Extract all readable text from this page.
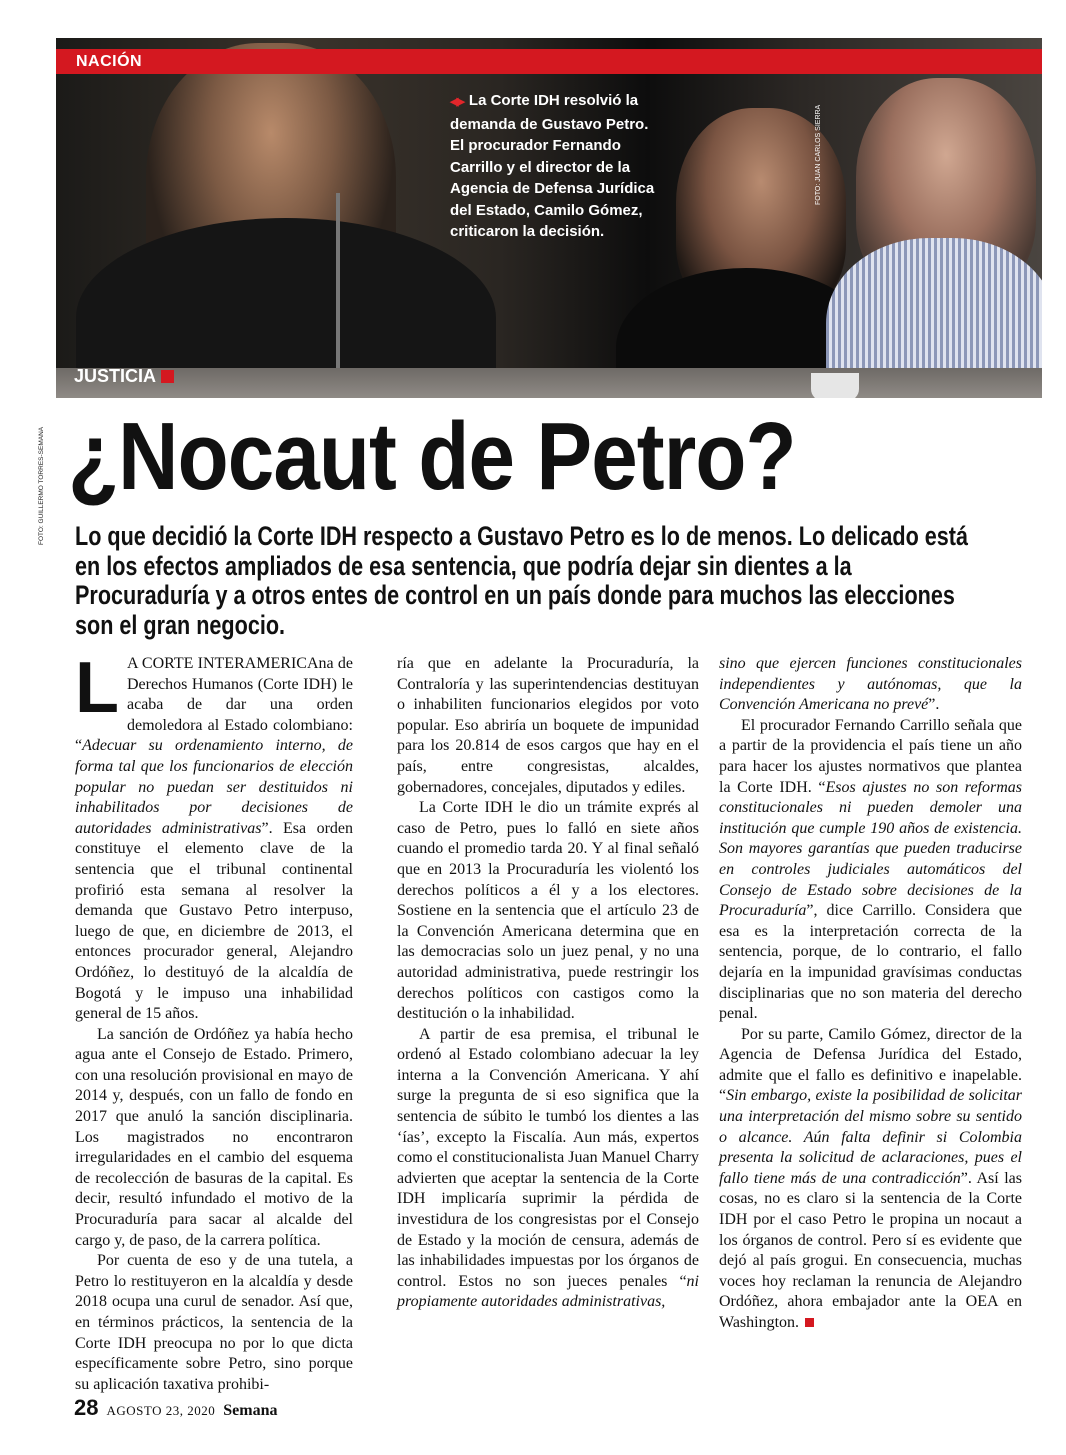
NACIÓN
◀▶ La Corte IDH resolvió la demanda de Gustavo Petro. El procurador Fernando Carrillo y el director de la Agencia de Defensa Jurídica del Estado, Camilo Gómez, criticaron la decisión.
FOTO: JUAN CARLOS SIERRA	FOTO: ESTEBAN VEGA LA-ROTTA
FOTO: GUILLERMO TORRES-SEMANA
JUSTICIA
¿Nocaut de Petro?
Lo que decidió la Corte IDH respecto a Gustavo Petro es lo de menos. Lo delicado está en los efectos ampliados de esa sentencia, que podría dejar sin dientes a la Procuraduría y a otros entes de control en un país donde para muchos las elecciones son el gran negocio.

L A CORTE INTERAMERICAna de Derechos Humanos (Corte IDH) le acaba de dar una orden demoledora al Estado colombiano: “Adecuar su ordenamiento interno, de forma tal que los funcionarios de elección popular no puedan ser destituidos ni inhabilitados por decisiones de autoridades administrativas”. Esa orden constituye el elemento clave de la sentencia que el tribunal continental profirió esta semana al resolver la demanda que Gustavo Petro interpuso, luego de que, en diciembre de 2013, el entonces procurador general, Alejandro Ordóñez, lo destituyó de la alcaldía de Bogotá y le impuso una inhabilidad general de 15 años.

La sanción de Ordóñez ya había hecho agua ante el Consejo de Estado. Primero, con una resolución provisional en mayo de 2014 y, después, con un fallo de fondo en 2017 que anuló la sanción disciplinaria. Los magistrados no encontraron irregularidades en el cambio del esquema de recolección de basuras de la capital. Es decir, resultó infundado el motivo de la Procuraduría para sacar al alcalde del cargo y, de paso, de la carrera política.

Por cuenta de eso y de una tutela, a Petro lo restituyeron en la alcaldía y desde 2018 ocupa una curul de senador. Así que, en términos prácticos, la sentencia de la Corte IDH preocupa no por lo que dicta específicamente sobre Petro, sino porque su aplicación taxativa prohibi-

ría que en adelante la Procuraduría, la Contraloría y las superintendencias destituyan o inhabiliten funcionarios elegidos por voto popular. Eso abriría un boquete de impunidad para los 20.814 de esos cargos que hay en el país, entre congresistas, alcaldes, gobernadores, concejales, diputados y ediles.

La Corte IDH le dio un trámite exprés al caso de Petro, pues lo falló en siete años cuando el promedio tarda 20. Y al final señaló que en 2013 la Procuraduría les violentó los derechos políticos a él y a los electores. Sostiene en la sentencia que el artículo 23 de la Convención Americana determina que en las democracias solo un juez penal, y no una autoridad administrativa, puede restringir los derechos políticos con castigos como la destitución o la inhabilidad.

A partir de esa premisa, el tribunal le ordenó al Estado colombiano adecuar la ley interna a la Convención Americana. Y ahí surge la pregunta de si eso significa que la sentencia de súbito le tumbó los dientes a las ‘ías’, excepto la Fiscalía. Aun más, expertos como el constitucionalista Juan Manuel Charry advierten que aceptar la sentencia de la Corte IDH implicaría suprimir la pérdida de investidura de los congresistas por el Consejo de Estado y la moción de censura, además de las inhabilidades impuestas por los órganos de control. Estos no son jueces penales “ni propiamente autoridades administrativas,

sino que ejercen funciones constitucionales independientes y autónomas, que la Convención Americana no prevé”.

El procurador Fernando Carrillo señala que a partir de la providencia el país tiene un año para hacer los ajustes normativos que plantea la Corte IDH. “Esos ajustes no son reformas constitucionales ni pueden demoler una institución que cumple 190 años de existencia. Son mayores garantías que pueden traducirse en controles judiciales automáticos del Consejo de Estado sobre decisiones de la Procuraduría”, dice Carrillo. Considera que esa es la interpretación correcta de la sentencia, porque, de lo contrario, el fallo dejaría en la impunidad gravísimas conductas disciplinarias que no son materia del derecho penal.

Por su parte, Camilo Gómez, director de la Agencia de Defensa Jurídica del Estado, admite que el fallo es definitivo e inapelable. “Sin embargo, existe la posibilidad de solicitar una interpretación del mismo sobre su sentido o alcance. Aún falta definir si Colombia presenta la solicitud de aclaraciones, pues el fallo tiene más de una contradicción”. Así las cosas, no es claro si la sentencia de la Corte IDH por el caso Petro le propina un nocaut a los órganos de control. Pero sí es evidente que dejó al país grogui. En consecuencia, muchas voces hoy reclaman la renuncia de Alejandro Ordóñez, ahora embajador ante la OEA en Washington.

28 AGOSTO 23, 2020 Semana
